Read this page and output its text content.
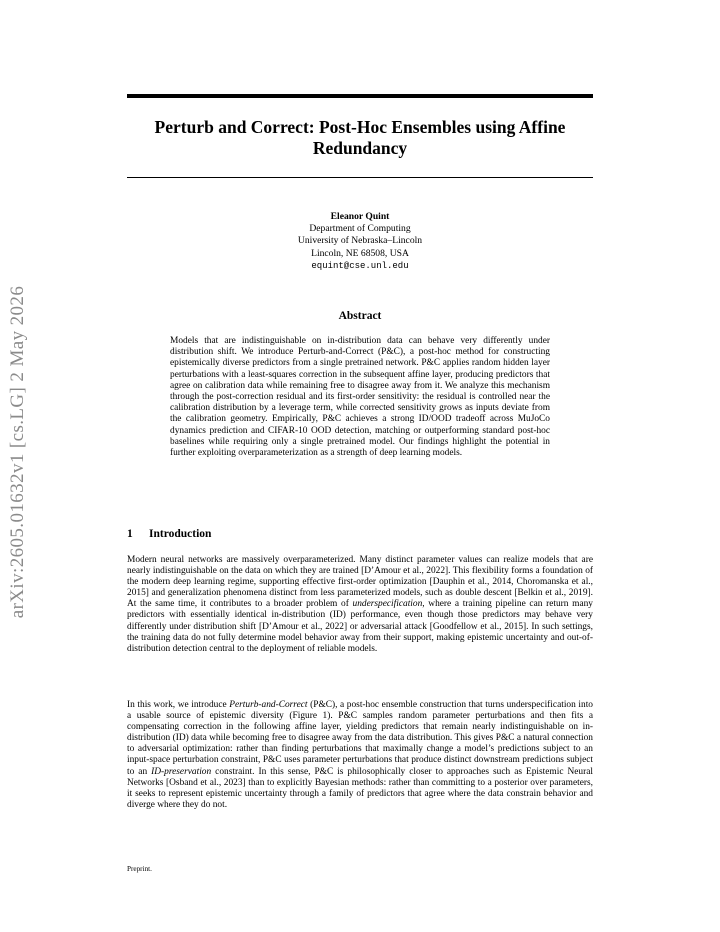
arXiv:2605.01632v1 [cs.LG] 2 May 2026
Perturb and Correct: Post-Hoc Ensembles using Affine Redundancy
Eleanor Quint
Department of Computing
University of Nebraska–Lincoln
Lincoln, NE 68508, USA
equint@cse.unl.edu
Abstract
Models that are indistinguishable on in-distribution data can behave very differently under distribution shift. We introduce Perturb-and-Correct (P&C), a post-hoc method for constructing epistemically diverse predictors from a single pretrained network. P&C applies random hidden layer perturbations with a least-squares correction in the subsequent affine layer, producing predictors that agree on calibration data while remaining free to disagree away from it. We analyze this mechanism through the post-correction residual and its first-order sensitivity: the residual is controlled near the calibration distribution by a leverage term, while corrected sensitivity grows as inputs deviate from the calibration geometry. Empirically, P&C achieves a strong ID/OOD tradeoff across MuJoCo dynamics prediction and CIFAR-10 OOD detection, matching or outperforming standard post-hoc baselines while requiring only a single pretrained model. Our findings highlight the potential in further exploiting overparameterization as a strength of deep learning models.
1 Introduction
Modern neural networks are massively overparameterized. Many distinct parameter values can realize models that are nearly indistinguishable on the data on which they are trained [D’Amour et al., 2022]. This flexibility forms a foundation of the modern deep learning regime, supporting effective first-order optimization [Dauphin et al., 2014, Choromanska et al., 2015] and generalization phenomena distinct from less parameterized models, such as double descent [Belkin et al., 2019]. At the same time, it contributes to a broader problem of underspecification, where a training pipeline can return many predictors with essentially identical in-distribution (ID) performance, even though those predictors may behave very differently under distribution shift [D’Amour et al., 2022] or adversarial attack [Goodfellow et al., 2015]. In such settings, the training data do not fully determine model behavior away from their support, making epistemic uncertainty and out-of-distribution detection central to the deployment of reliable models.
In this work, we introduce Perturb-and-Correct (P&C), a post-hoc ensemble construction that turns underspecification into a usable source of epistemic diversity (Figure 1). P&C samples random parameter perturbations and then fits a compensating correction in the following affine layer, yielding predictors that remain nearly indistinguishable on in-distribution (ID) data while becoming free to disagree away from the data distribution. This gives P&C a natural connection to adversarial optimization: rather than finding perturbations that maximally change a model’s predictions subject to an input-space perturbation constraint, P&C uses parameter perturbations that produce distinct downstream predictions subject to an ID-preservation constraint. In this sense, P&C is philosophically closer to approaches such as Epistemic Neural Networks [Osband et al., 2023] than to explicitly Bayesian methods: rather than committing to a posterior over parameters, it seeks to represent epistemic uncertainty through a family of predictors that agree where the data constrain behavior and diverge where they do not.
Preprint.
